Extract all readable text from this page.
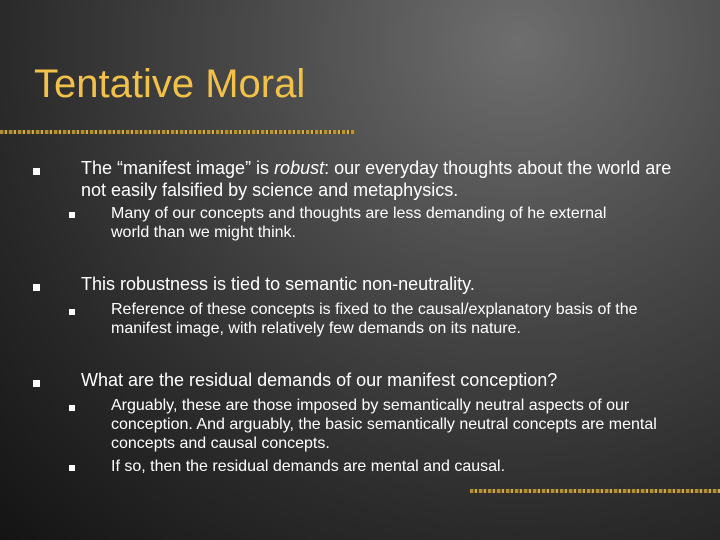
Tentative Moral
The “manifest image” is robust: our everyday thoughts about the world are not easily falsified by science and metaphysics.
Many of our concepts and thoughts are less demanding of he external world than we might think.
This robustness is tied to semantic non-neutrality.
Reference of these concepts is fixed to the causal/explanatory basis of the manifest image, with relatively few demands on its nature.
What are the residual demands of our manifest conception?
Arguably, these are those imposed by semantically neutral aspects of our conception. And arguably, the basic semantically neutral concepts are mental concepts and causal concepts.
If so, then the residual demands are mental and causal.
